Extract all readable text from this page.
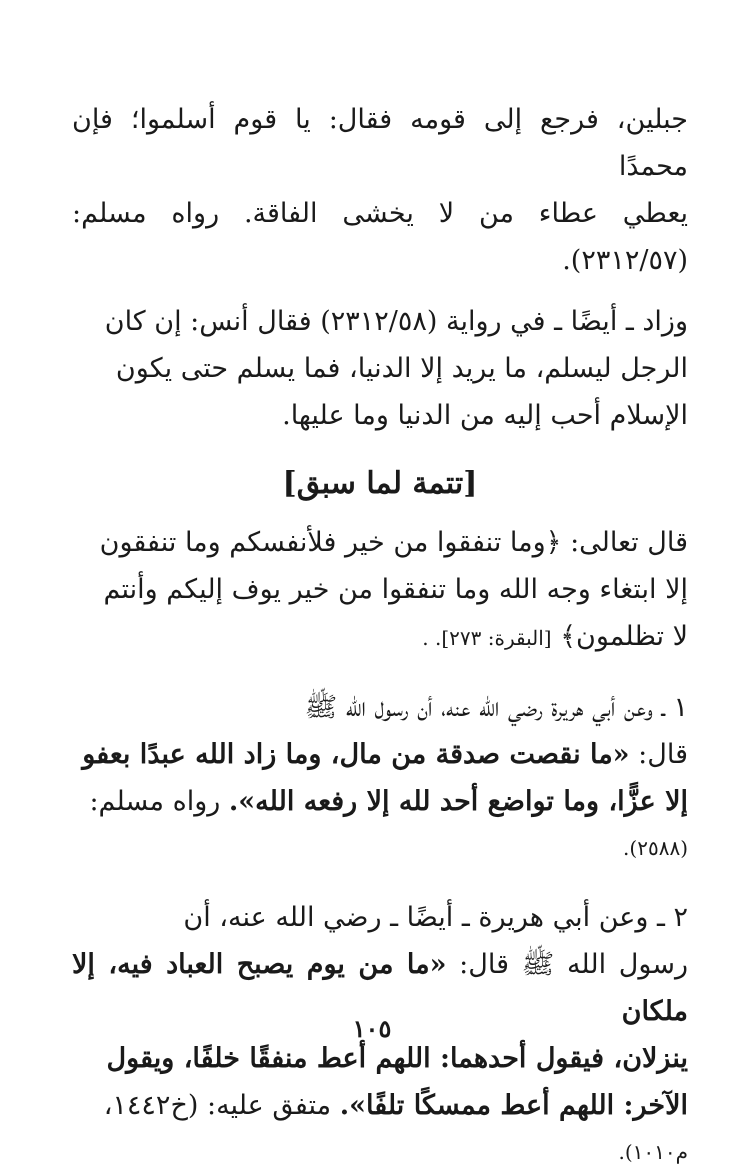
جبلين، فرجع إلى قومه فقال: يا قوم أسلموا؛ فإن محمدًا

يعطي عطاء من لا يخشى الفاقة. رواه مسلم: (٢٣١٢/٥٧).

وزاد ـ أيضًا ـ في رواية (٢٣١٢/٥٨) فقال أنس: إن كان

الرجل ليسلم، ما يريد إلا الدنيا، فما يسلم حتى يكون

الإسلام أحب إليه من الدنيا وما عليها.

[تتمة لما سبق]

قال تعالى: ﴿وما تنفقوا من خير فلأنفسكم وما تنفقون

إلا ابتغاء وجه الله وما تنفقوا من خير يوف إليكم وأنتم

لا تظلمون﴾ [البقرة: ٢٧٣]. .

١ ـ وعن أبي هريرة رضي الله عنه، أن رسول الله ﷺ

قال: «ما نقصت صدقة من مال، وما زاد الله عبدًا بعفو

إلا عزًّا، وما تواضع أحد لله إلا رفعه الله». رواه مسلم:

(٢٥٨٨).

٢ ـ وعن أبي هريرة ـ أيضًا ـ رضي الله عنه، أن

رسول الله ﷺ قال: «ما من يوم يصبح العباد فيه، إلا ملكان

ينزلان، فيقول أحدهما: اللهم أعط منفقًا خلفًا، ويقول

الآخر: اللهم أعط ممسكًا تلفًا». متفق عليه: (خ١٤٤٢،

م١٠١٠).

١٠٥
